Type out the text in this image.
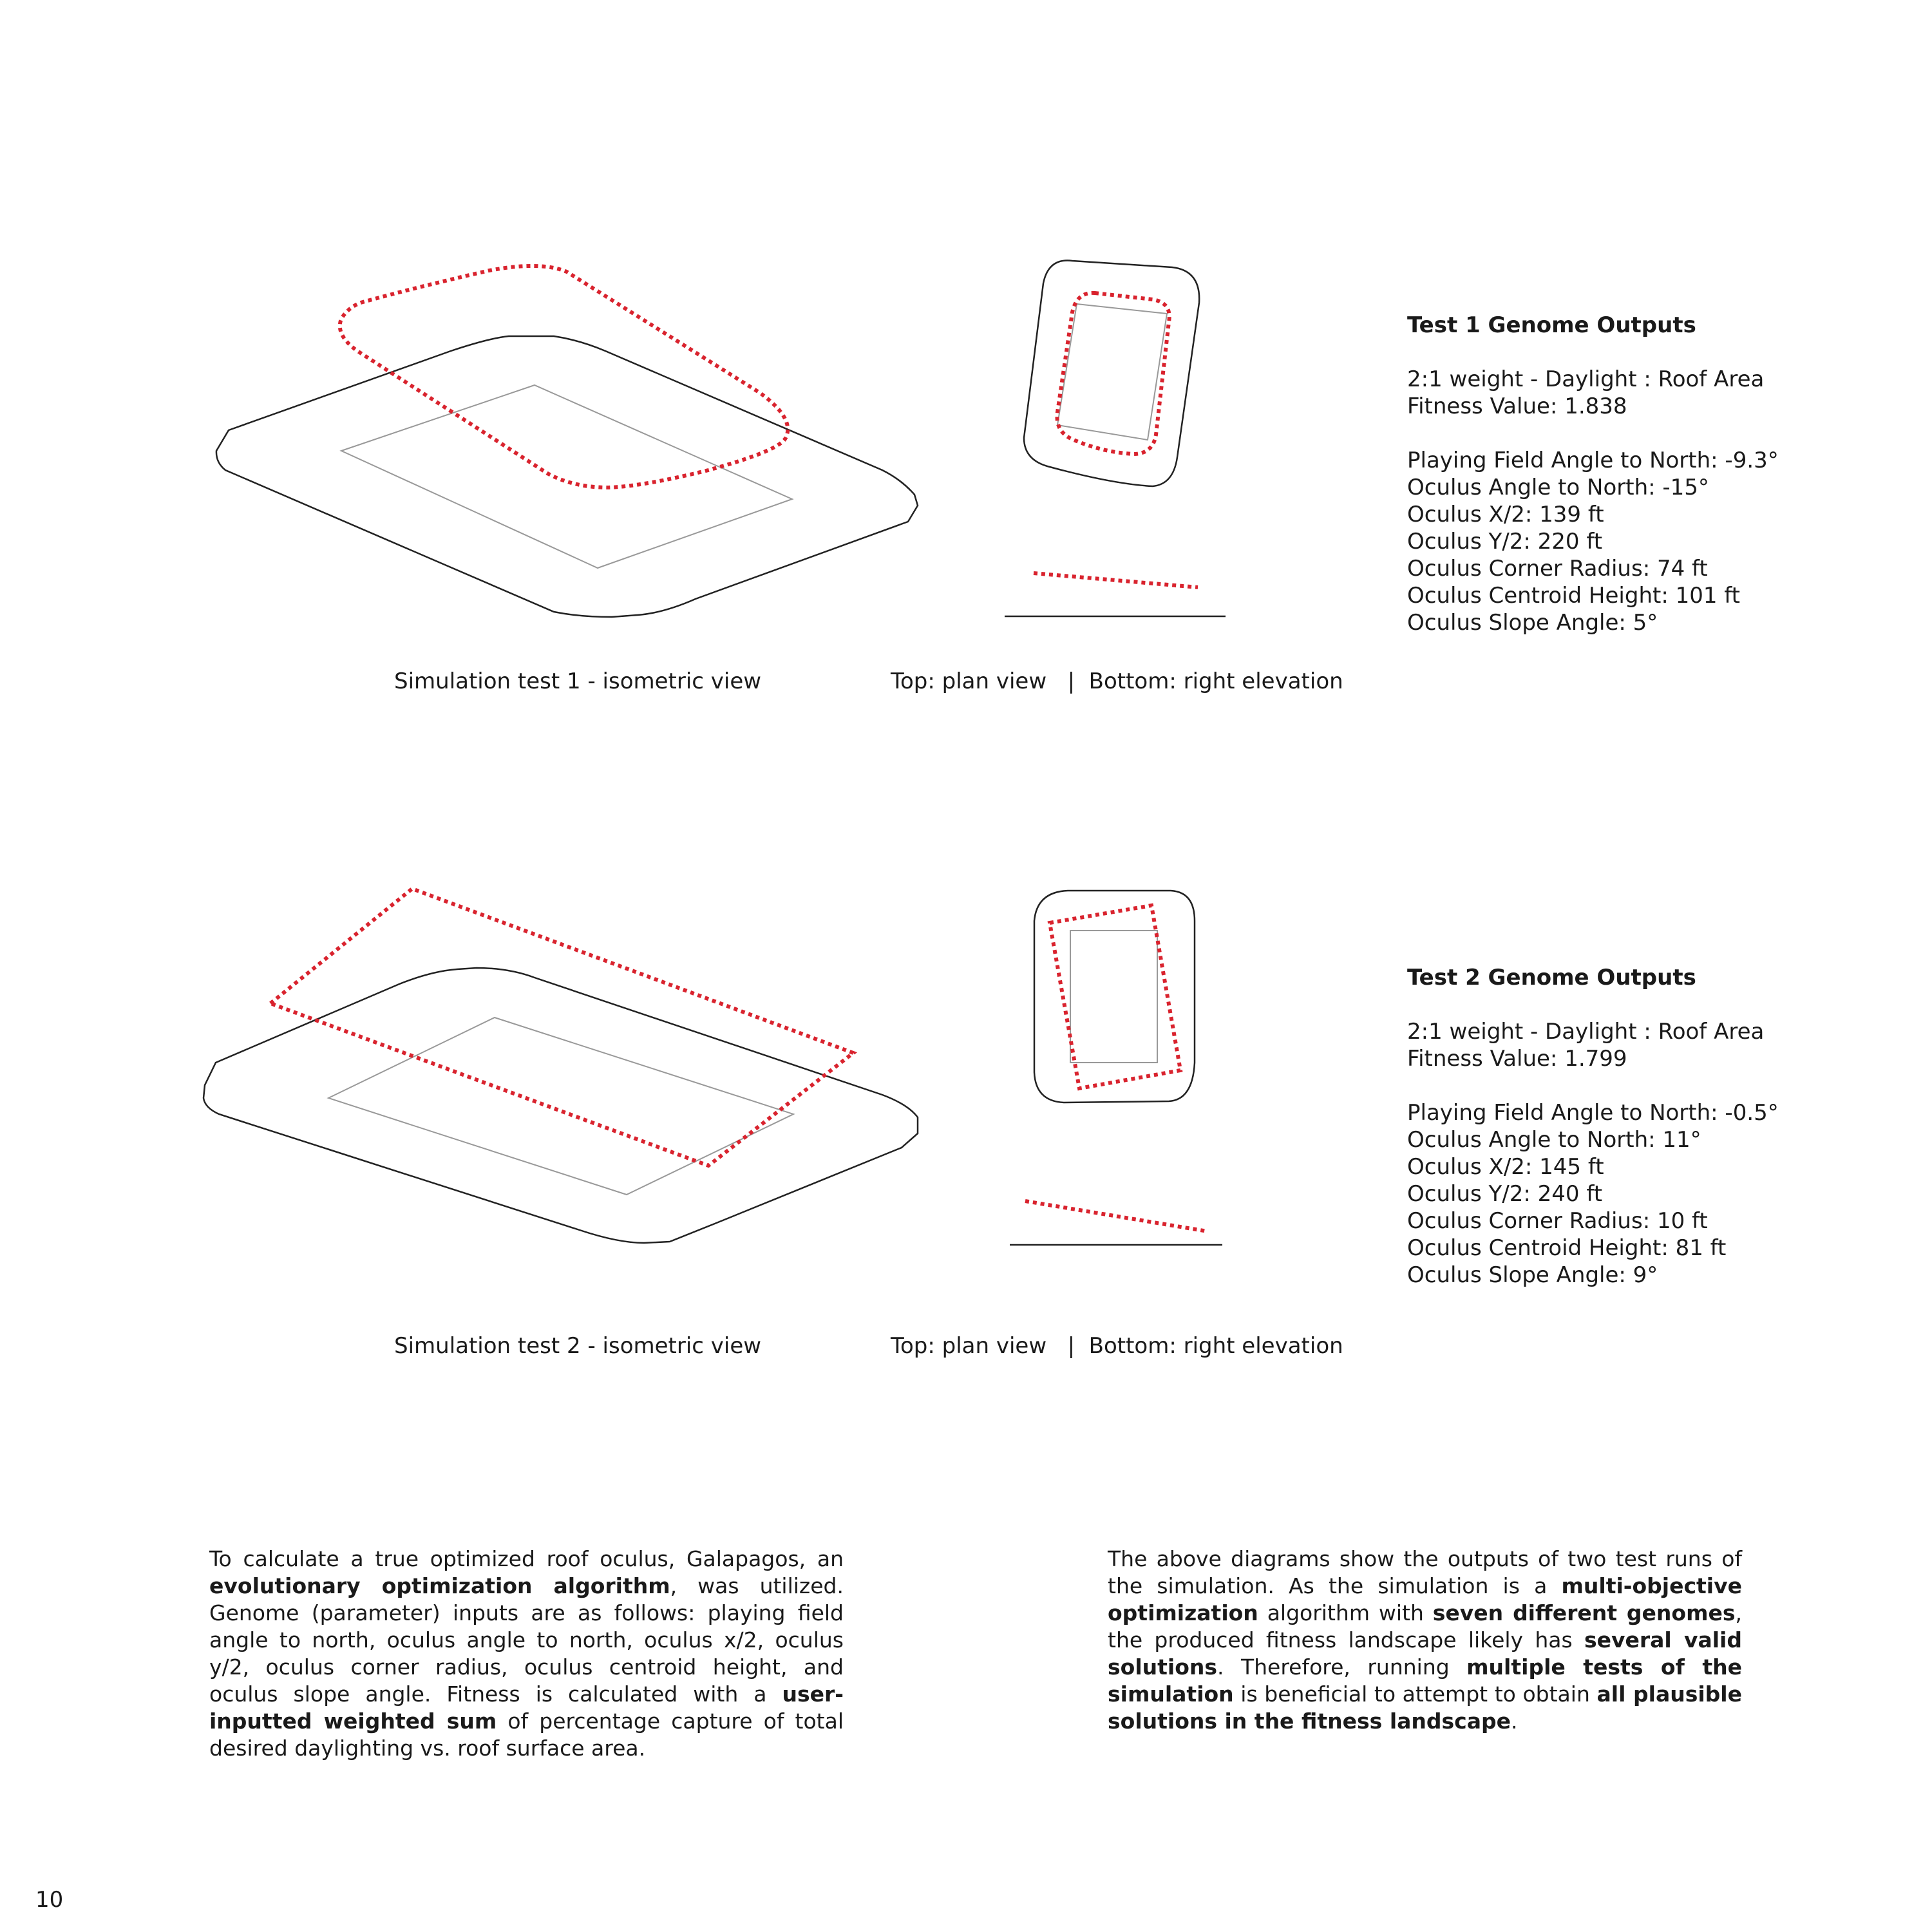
Test 1 Genome Outputs
2:1 weight - Daylight : Roof Area
Fitness Value: 1.838
Playing Field Angle to North: -9.3°
Oculus Angle to North: -15°
Oculus X/2: 139 ft
Oculus Y/2: 220 ft
Oculus Corner Radius: 74 ft
Oculus Centroid Height: 101 ft
Oculus Slope Angle: 5°
Simulation test 1 - isometric view	Top: plan view   |  Bottom: right elevation
Test 2 Genome Outputs
2:1 weight - Daylight : Roof Area
Fitness Value: 1.799
Playing Field Angle to North: -0.5°
Oculus Angle to North: 11°
Oculus X/2: 145 ft
Oculus Y/2: 240 ft
Oculus Corner Radius: 10 ft
Oculus Centroid Height: 81 ft
Oculus Slope Angle: 9°
Simulation test 2 - isometric view	Top: plan view   |  Bottom: right elevation
To calculate a true optimized roof oculus, Galapagos, an evolutionary optimization algorithm, was utilized. Genome (parameter) inputs are as follows: playing field angle to north, oculus angle to north, oculus x/2, oculus y/2, oculus corner radius, oculus centroid height, and oculus slope angle. Fitness is calculated with a user-inputted weighted sum of percentage capture of total desired daylighting vs. roof surface area.
The above diagrams show the outputs of two test runs of the simulation. As the simulation is a multi-objective optimization algorithm with seven different genomes, the produced fitness landscape likely has several valid solutions. Therefore, running multiple tests of the simulation is beneficial to attempt to obtain all plausible solutions in the fitness landscape.
10
